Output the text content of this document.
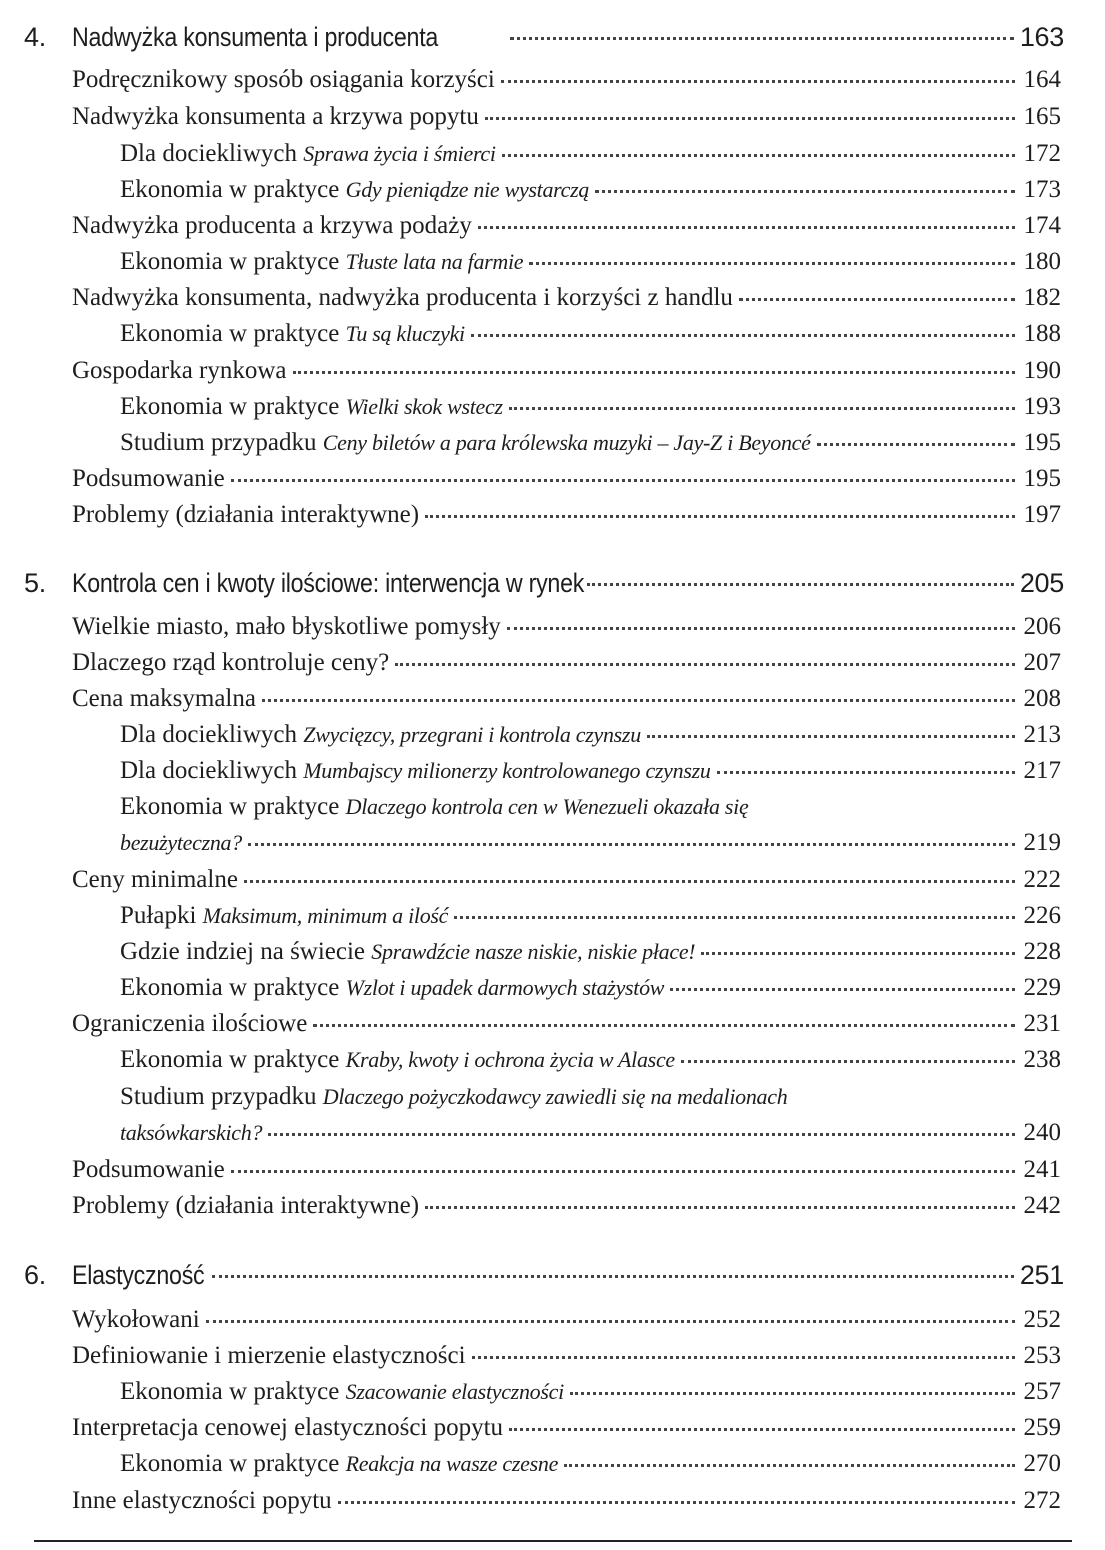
4. Nadwyżka konsumenta i producenta	163
Podręcznikowy sposób osiągania korzyści	164
Nadwyżka konsumenta a krzywa popytu	165
Dla dociekliwych Sprawa życia i śmierci	172
Ekonomia w praktyce Gdy pieniądze nie wystarczą	173
Nadwyżka producenta a krzywa podaży	174
Ekonomia w praktyce Tłuste lata na farmie	180
Nadwyżka konsumenta, nadwyżka producenta i korzyści z handlu	182
Ekonomia w praktyce Tu są kluczyki	188
Gospodarka rynkowa	190
Ekonomia w praktyce Wielki skok wstecz	193
Studium przypadku Ceny biletów a para królewska muzyki – Jay-Z i Beyoncé	195
Podsumowanie	195
Problemy (działania interaktywne)	197
5. Kontrola cen i kwoty ilościowe: interwencja w rynek	205
Wielkie miasto, mało błyskotliwe pomysły	206
Dlaczego rząd kontroluje ceny?	207
Cena maksymalna	208
Dla dociekliwych Zwycięzcy, przegrani i kontrola czynszu	213
Dla dociekliwych Mumbajscy milionerzy kontrolowanego czynszu	217
Ekonomia w praktyce Dlaczego kontrola cen w Wenezueli okazała się
bezużyteczna?	219
Ceny minimalne	222
Pułapki Maksimum, minimum a ilość	226
Gdzie indziej na świecie Sprawdźcie nasze niskie, niskie płace!	228
Ekonomia w praktyce Wzlot i upadek darmowych stażystów	229
Ograniczenia ilościowe	231
Ekonomia w praktyce Kraby, kwoty i ochrona życia w Alasce	238
Studium przypadku Dlaczego pożyczkodawcy zawiedli się na medalionach
taksówkarskich?	240
Podsumowanie	241
Problemy (działania interaktywne)	242
6. Elastyczność	251
Wykołowani	252
Definiowanie i mierzenie elastyczności	253
Ekonomia w praktyce Szacowanie elastyczności	257
Interpretacja cenowej elastyczności popytu	259
Ekonomia w praktyce Reakcja na wasze czesne	270
Inne elastyczności popytu	272
